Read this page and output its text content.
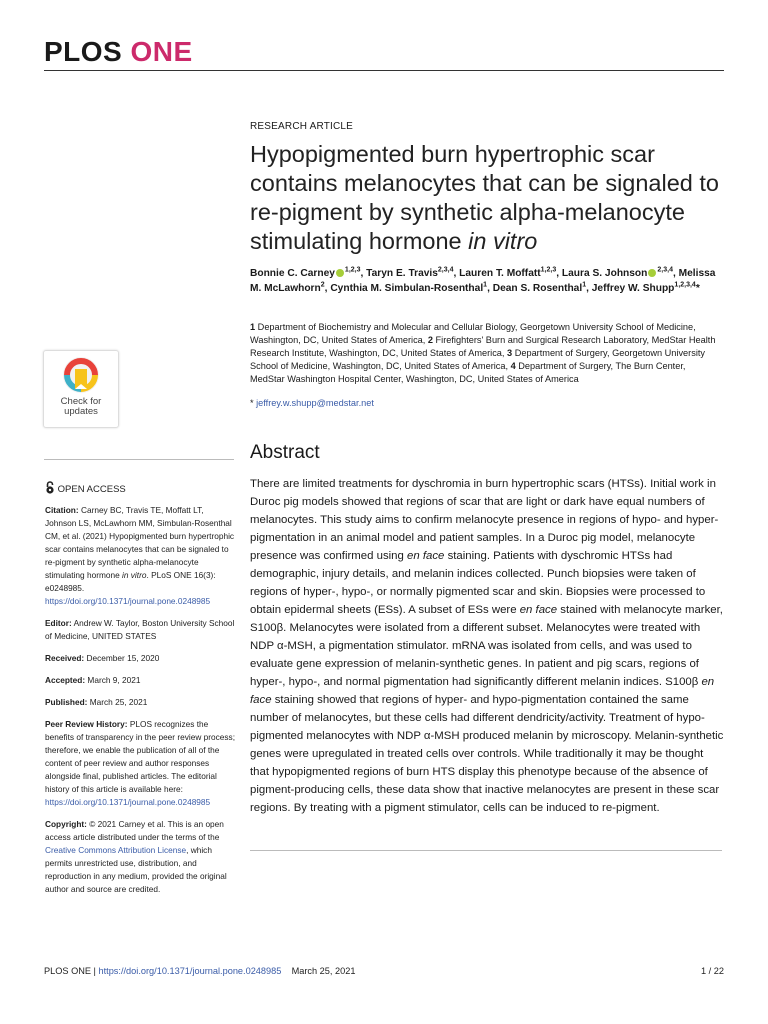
PLOS ONE
Check for
updates
OPEN ACCESS

Citation: Carney BC, Travis TE, Moffatt LT, Johnson LS, McLawhorn MM, Simbulan-Rosenthal CM, et al. (2021) Hypopigmented burn hypertrophic scar contains melanocytes that can be signaled to re-pigment by synthetic alpha-melanocyte stimulating hormone in vitro. PLoS ONE 16(3): e0248985. https://doi.org/10.1371/journal.pone.0248985

Editor: Andrew W. Taylor, Boston University School of Medicine, UNITED STATES

Received: December 15, 2020

Accepted: March 9, 2021

Published: March 25, 2021

Peer Review History: PLOS recognizes the benefits of transparency in the peer review process; therefore, we enable the publication of all of the content of peer review and author responses alongside final, published articles. The editorial history of this article is available here: https://doi.org/10.1371/journal.pone.0248985

Copyright: © 2021 Carney et al. This is an open access article distributed under the terms of the Creative Commons Attribution License, which permits unrestricted use, distribution, and reproduction in any medium, provided the original author and source are credited.

RESEARCH ARTICLE
Hypopigmented burn hypertrophic scar contains melanocytes that can be signaled to re-pigment by synthetic alpha-melanocyte stimulating hormone in vitro
Bonnie C. Carney $^{1,2,3}$, Taryn E. Travis$^{2,3,4}$, Lauren T. Moffatt$^{1,2,3}$, Laura S. Johnson $^{2,3,4}$, Melissa M. McLawhorn$^2$, Cynthia M. Simbulan-Rosenthal$^1$, Dean S. Rosenthal$^1$, Jeffrey W. Shupp$^{1,2,3,4}$*
1 Department of Biochemistry and Molecular and Cellular Biology, Georgetown University School of Medicine, Washington, DC, United States of America, 2 Firefighters' Burn and Surgical Research Laboratory, MedStar Health Research Institute, Washington, DC, United States of America, 3 Department of Surgery, Georgetown University School of Medicine, Washington, DC, United States of America, 4 Department of Surgery, The Burn Center, MedStar Washington Hospital Center, Washington, DC, United States of America
* jeffrey.w.shupp@medstar.net
Abstract

There are limited treatments for dyschromia in burn hypertrophic scars (HTSs). Initial work in Duroc pig models showed that regions of scar that are light or dark have equal numbers of melanocytes. This study aims to confirm melanocyte presence in regions of hypo- and hyper-pigmentation in an animal model and patient samples. In a Duroc pig model, melanocyte presence was confirmed using en face staining. Patients with dyschromic HTSs had demographic, injury details, and melanin indices collected. Punch biopsies were taken of regions of hyper-, hypo-, or normally pigmented scar and skin. Biopsies were processed to obtain epidermal sheets (ESs). A subset of ESs were en face stained with melanocyte marker, S100β. Melanocytes were isolated from a different subset. Melanocytes were treated with NDP α-MSH, a pigmentation stimulator. mRNA was isolated from cells, and was used to evaluate gene expression of melanin-synthetic genes. In patient and pig scars, regions of hyper-, hypo-, and normal pigmentation had significantly different melanin indices. S100β en face staining showed that regions of hyper- and hypo-pigmentation contained the same number of melanocytes, but these cells had different dendricity/activity. Treatment of hypo-pigmented melanocytes with NDP α-MSH produced melanin by microscopy. Melanin-synthetic genes were upregulated in treated cells over controls. While traditionally it may be thought that hypopigmented regions of burn HTS display this phenotype because of the absence of pigment-producing cells, these data show that inactive melanocytes are present in these scar regions. By treating with a pigment stimulator, cells can be induced to re-pigment.

PLOS ONE | https://doi.org/10.1371/journal.pone.0248985 March 25, 2021	1 / 22
